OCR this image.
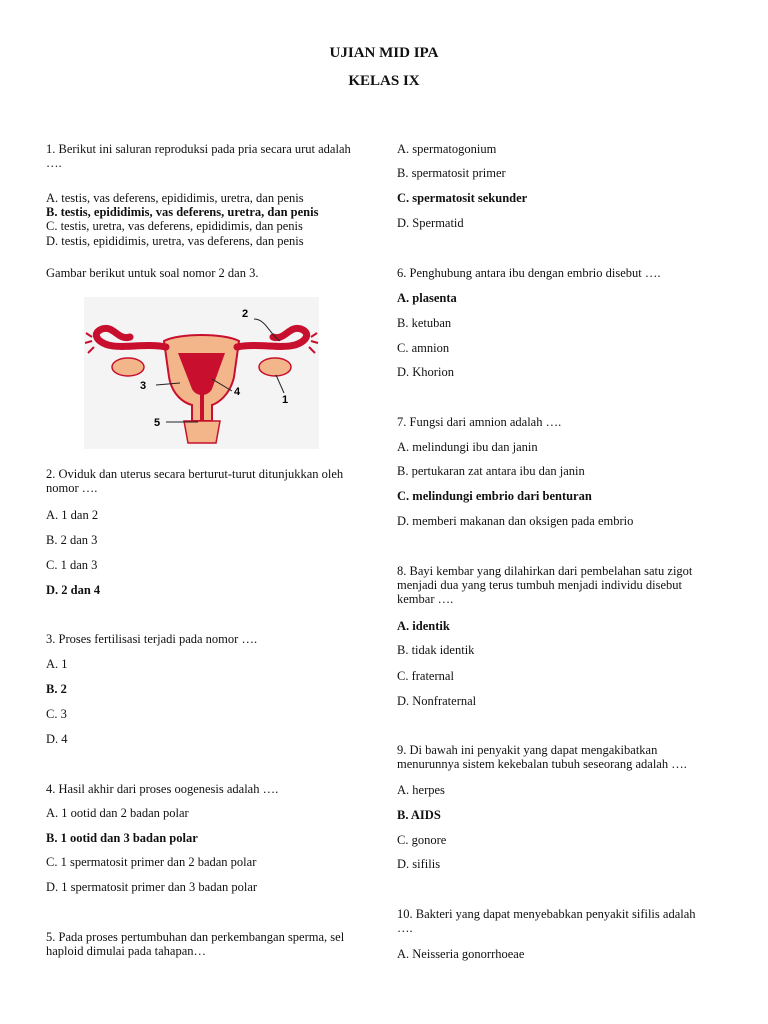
UJIAN MID IPA
KELAS IX
1. Berikut ini saluran reproduksi pada pria secara urut adalah ….
A. testis, vas deferens, epididimis, uretra, dan penis
B. testis, epididimis, vas deferens, uretra, dan penis
C. testis, uretra, vas deferens, epididimis, dan penis
D. testis, epididimis, uretra, vas deferens, dan penis
Gambar berikut untuk soal nomor 2 dan 3.
2. Oviduk dan uterus secara berturut-turut ditunjukkan oleh nomor ….
A. 1 dan 2
B. 2 dan 3
C. 1 dan 3
D. 2 dan 4
3. Proses fertilisasi terjadi pada nomor ….
A. 1
B. 2
C. 3
D. 4
4. Hasil akhir dari proses oogenesis adalah ….
A. 1 ootid dan 2 badan polar
B. 1 ootid dan 3 badan polar
C. 1 spermatosit primer dan 2 badan polar
D. 1 spermatosit primer dan 3 badan polar
5. Pada proses pertumbuhan dan perkembangan sperma, sel haploid dimulai pada tahapan…
2
3	4
1
5
A. spermatogonium
B. spermatosit primer
C. spermatosit sekunder
D. Spermatid
6. Penghubung antara ibu dengan embrio disebut ….
A. plasenta
B. ketuban
C. amnion
D. Khorion
7. Fungsi dari amnion adalah ….
A. melindungi ibu dan janin
B. pertukaran zat antara ibu dan janin
C. melindungi embrio dari benturan
D. memberi makanan dan oksigen pada embrio
8. Bayi kembar yang dilahirkan dari pembelahan satu zigot menjadi dua yang terus tumbuh menjadi individu disebut kembar ….
A. identik
B. tidak identik
C. fraternal
D. Nonfraternal
9. Di bawah ini penyakit yang dapat mengakibatkan menurunnya sistem kekebalan tubuh seseorang adalah ….
A. herpes
B. AIDS
C. gonore
D. sifilis
10. Bakteri yang dapat menyebabkan penyakit sifilis adalah ….
A. Neisseria gonorrhoeae
